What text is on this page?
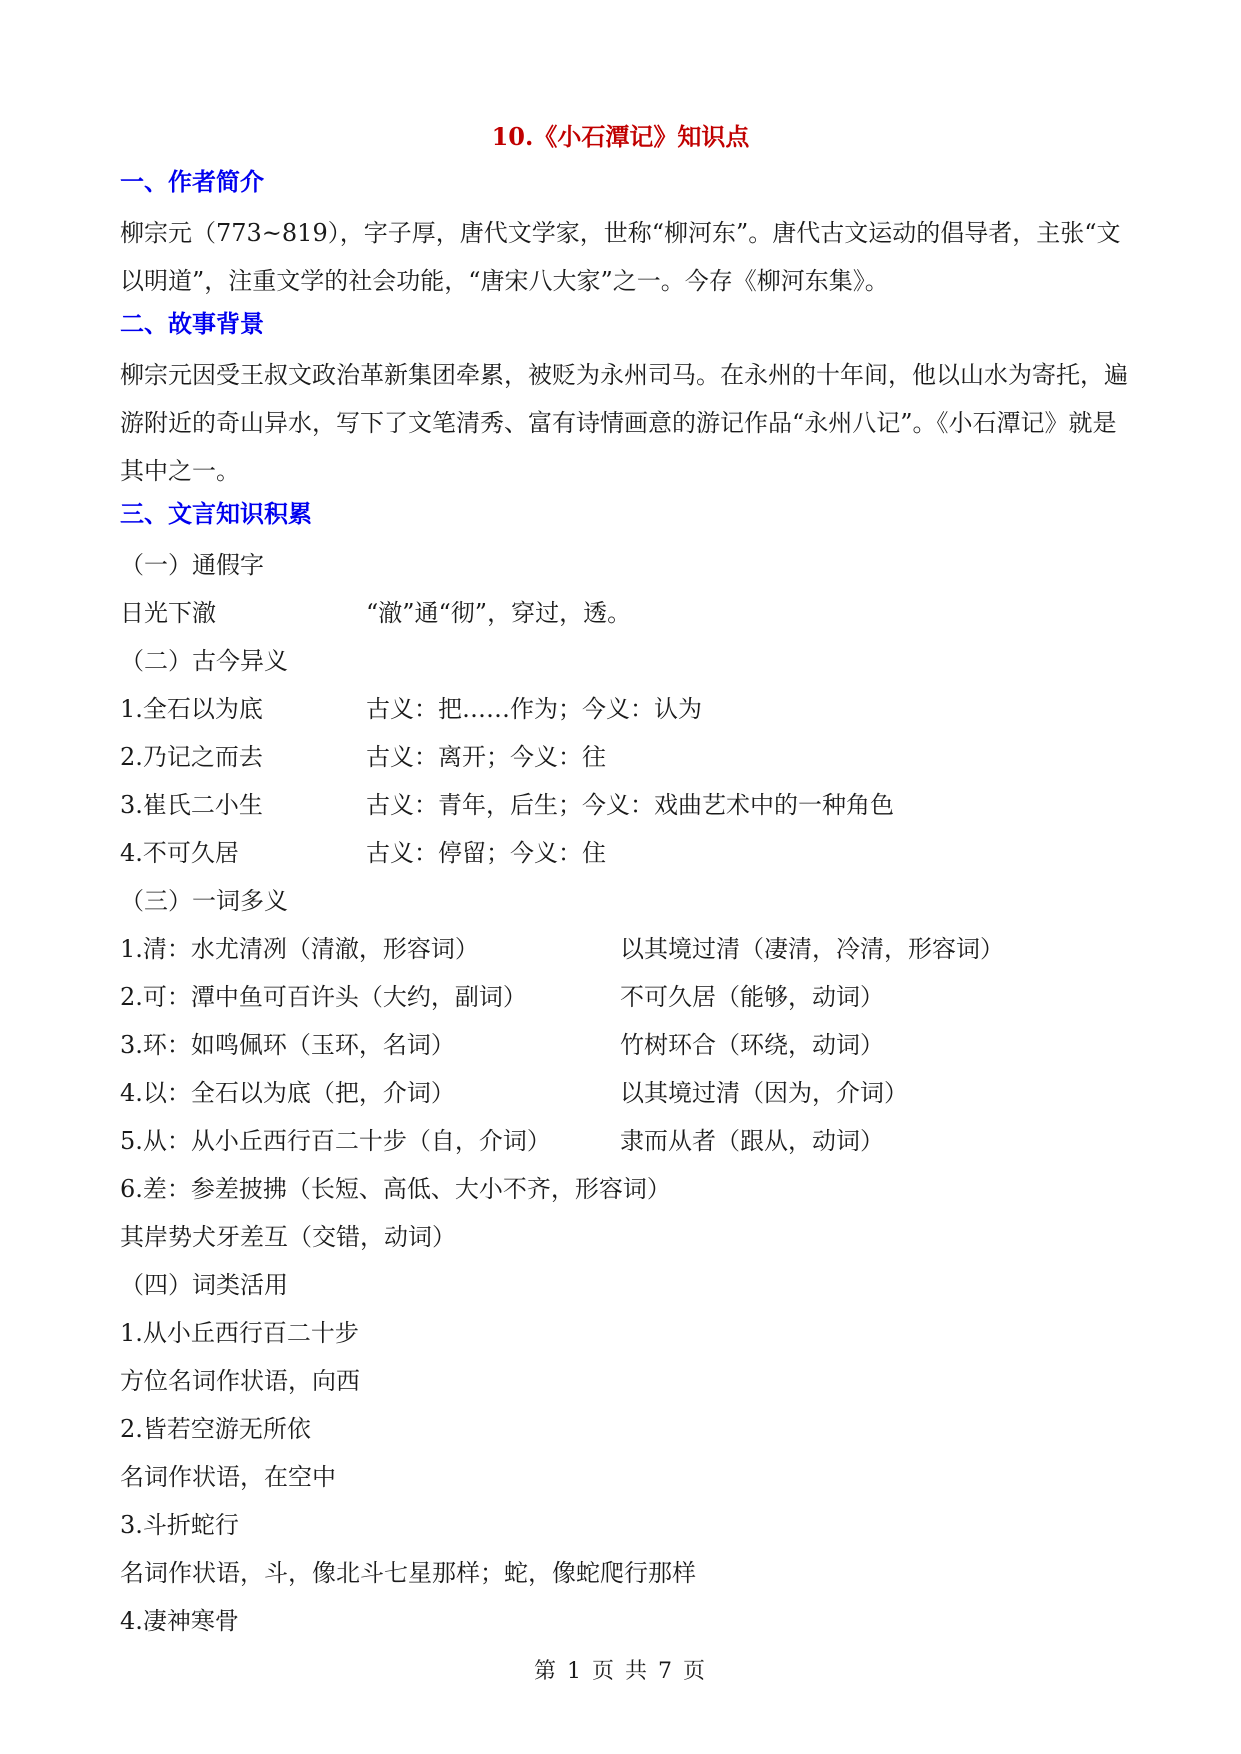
10.《小石潭记》知识点
一、作者简介
柳宗元（773~819），字子厚，唐代文学家，世称“柳河东”。唐代古文运动的倡导者，主张“文以明道”，注重文学的社会功能，“唐宋八大家”之一。今存《柳河东集》。
二、故事背景
柳宗元因受王叔文政治革新集团牵累，被贬为永州司马。在永州的十年间，他以山水为寄托，遍游附近的奇山异水，写下了文笔清秀、富有诗情画意的游记作品“永州八记”。《小石潭记》就是其中之一。
三、文言知识积累
（一）通假字
日光下澈	“澈”通“彻”，穿过，透。
（二）古今异义
1.全石以为底	古义：把……作为；今义：认为
2.乃记之而去	古义：离开；今义：往
3.崔氏二小生	古义：青年，后生；今义：戏曲艺术中的一种角色
4.不可久居	古义：停留；今义：住
（三）一词多义
1.清：水尤清冽（清澈，形容词）	以其境过清（凄清，冷清，形容词）
2.可：潭中鱼可百许头（大约，副词）	不可久居（能够，动词）
3.环：如鸣佩环（玉环，名词）	竹树环合（环绕，动词）
4.以：全石以为底（把，介词）	以其境过清（因为，介词）
5.从：从小丘西行百二十步（自，介词）	隶而从者（跟从，动词）
6.差：参差披拂（长短、高低、大小不齐，形容词）
其岸势犬牙差互（交错，动词）
（四）词类活用
1.从小丘西行百二十步
方位名词作状语，向西
2.皆若空游无所依
名词作状语，在空中
3.斗折蛇行
名词作状语，斗，像北斗七星那样；蛇，像蛇爬行那样
4.凄神寒骨
第 1 页 共 7 页
